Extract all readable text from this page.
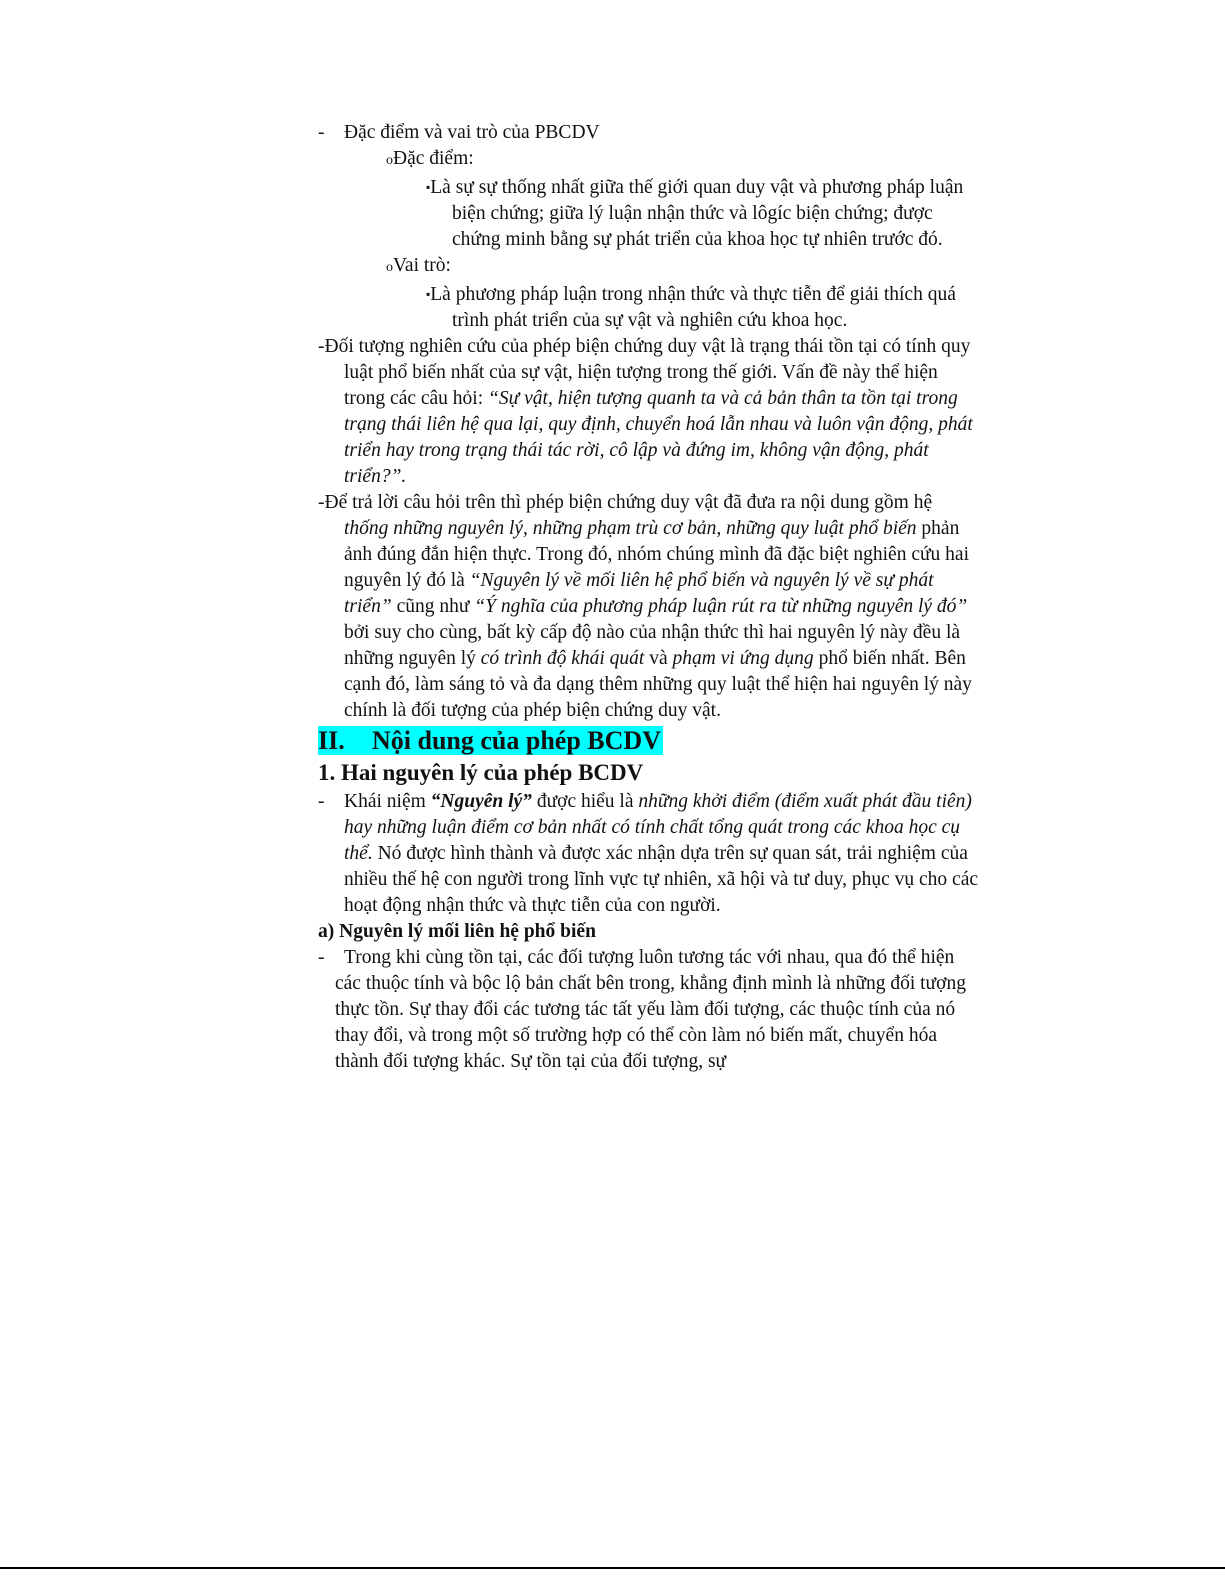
- Đặc điểm và vai trò của PBCDV

oĐặc điểm:

▪Là sự sự thống nhất giữa thế giới quan duy vật và phương pháp luận biện chứng; giữa lý luận nhận thức và lôgíc biện chứng; được chứng minh bằng sự phát triển của khoa học tự nhiên trước đó.

oVai trò:

▪Là phương pháp luận trong nhận thức và thực tiễn để giải thích quá trình phát triển của sự vật và nghiên cứu khoa học.

-Đối tượng nghiên cứu của phép biện chứng duy vật là trạng thái tồn tại có tính quy luật phổ biến nhất của sự vật, hiện tượng trong thế giới. Vấn đề này thể hiện trong các câu hỏi: “Sự vật, hiện tượng quanh ta và cả bản thân ta tồn tại trong trạng thái liên hệ qua lại, quy định, chuyển hoá lẫn nhau và luôn vận động, phát triển hay trong trạng thái tác rời, cô lập và đứng im, không vận động, phát triển?”.

-Để trả lời câu hỏi trên thì phép biện chứng duy vật đã đưa ra nội dung gồm hệ thống những nguyên lý, những phạm trù cơ bản, những quy luật phổ biến phản ảnh đúng đắn hiện thực. Trong đó, nhóm chúng mình đã đặc biệt nghiên cứu hai nguyên lý đó là “Nguyên lý về mối liên hệ phổ biến và nguyên lý về sự phát triển” cũng như “Ý nghĩa của phương pháp luận rút ra từ những nguyên lý đó” bởi suy cho cùng, bất kỳ cấp độ nào của nhận thức thì hai nguyên lý này đều là những nguyên lý có trình độ khái quát và phạm vi ứng dụng phổ biến nhất. Bên cạnh đó, làm sáng tỏ và đa dạng thêm những quy luật thể hiện hai nguyên lý này chính là đối tượng của phép biện chứng duy vật.

II. Nội dung của phép BCDV
1. Hai nguyên lý của phép BCDV

- Khái niệm “Nguyên lý” được hiểu là những khởi điểm (điểm xuất phát đầu tiên) hay những luận điểm cơ bản nhất có tính chất tổng quát trong các khoa học cụ thể. Nó được hình thành và được xác nhận dựa trên sự quan sát, trải nghiệm của nhiều thế hệ con người trong lĩnh vực tự nhiên, xã hội và tư duy, phục vụ cho các hoạt động nhận thức và thực tiễn của con người.

a) Nguyên lý mối liên hệ phổ biến

- Trong khi cùng tồn tại, các đối tượng luôn tương tác với nhau, qua đó thể hiện các thuộc tính và bộc lộ bản chất bên trong, khẳng định mình là những đối tượng thực tồn. Sự thay đổi các tương tác tất yếu làm đối tượng, các thuộc tính của nó thay đổi, và trong một số trường hợp có thể còn làm nó biến mất, chuyển hóa thành đối tượng khác. Sự tồn tại của đối tượng, sự
